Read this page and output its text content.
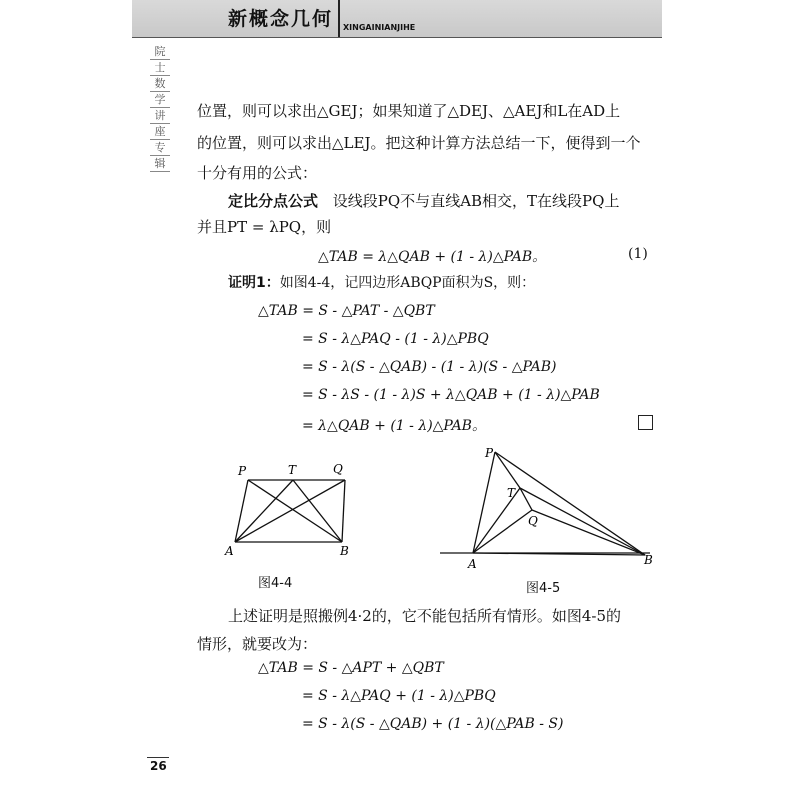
新概念几何 XINGAINIANJIHE
院
士
数
学
讲
座
专
辑
位置，则可以求出△GEJ；如果知道了△DEJ、△AEJ和L在AD上
的位置，则可以求出△LEJ。把这种计算方法总结一下，便得到一个
十分有用的公式：
定比分点公式 设线段PQ不与直线AB相交，T在线段PQ上
并且PT = λPQ，则
△TAB = λ△QAB + (1 - λ)△PAB。	(1)
证明1：如图4-4，记四边形ABQP面积为S，则：
△TAB = S - △PAT - △QBT
= S - λ△PAQ - (1 - λ)△PBQ
= S - λ(S - △QAB) - (1 - λ)(S - △PAB)
= S - λS - (1 - λ)S + λ△QAB + (1 - λ)△PAB
= λ△QAB + (1 - λ)△PAB。
P	T	Q
A	B
图4-4
P
T
Q
A	B
图4-5
上述证明是照搬例4·2的，它不能包括所有情形。如图4-5的
情形，就要改为：
△TAB = S - △APT + △QBT
= S - λ△PAQ + (1 - λ)△PBQ
= S - λ(S - △QAB) + (1 - λ)(△PAB - S)
26
